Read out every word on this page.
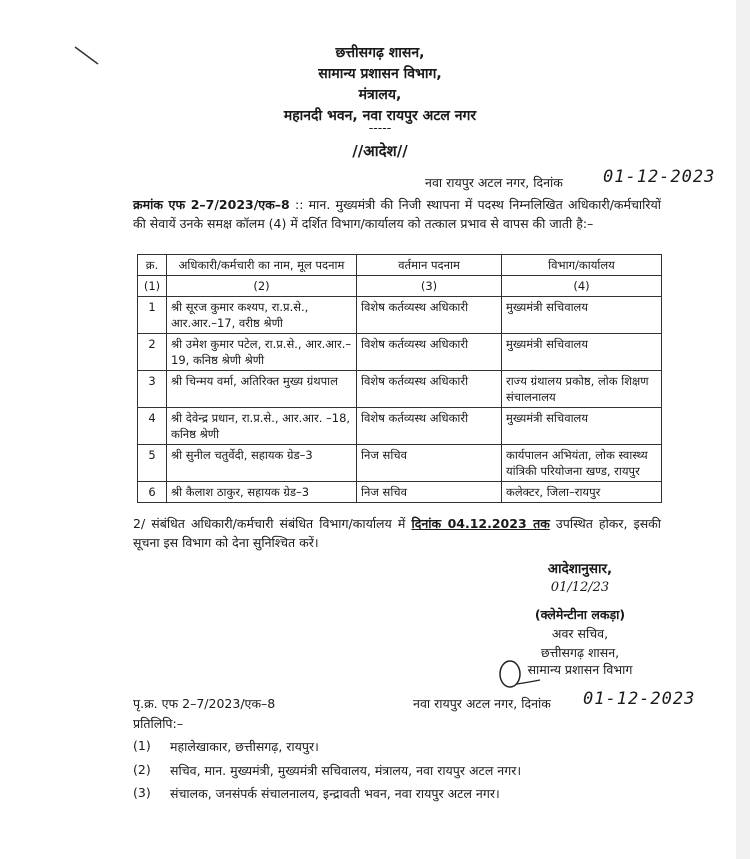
छत्तीसगढ़ शासन,
सामान्य प्रशासन विभाग,
मंत्रालय,
महानदी भवन, नवा रायपुर अटल नगर
-----
//आदेश//
नवा रायपुर अटल नगर, दिनांक 01-12-2023
क्रमांक एफ 2–7/2023/एक–8 :: मान. मुख्यमंत्री की निजी स्थापना में पदस्थ निम्नलिखित अधिकारी/कर्मचारियों की सेवायें उनके समक्ष कॉलम (4) में दर्शित विभाग/कार्यालय को तत्काल प्रभाव से वापस की जाती है:–
क्र.	अधिकारी/कर्मचारी का नाम, मूल पदनाम	वर्तमान पदनाम	विभाग/कार्यालय
(1)	(2)	(3)	(4)
1	श्री सूरज कुमार कश्यप, रा.प्र.से., आर.आर.–17, वरीष्ठ श्रेणी	विशेष कर्तव्यस्थ अधिकारी	मुख्यमंत्री सचिवालय
2	श्री उमेश कुमार पटेल, रा.प्र.से., आर.आर.–19, कनिष्ठ श्रेणी श्रेणी	विशेष कर्तव्यस्थ अधिकारी	मुख्यमंत्री सचिवालय
3	श्री चिन्मय वर्मा, अतिरिक्त मुख्य ग्रंथपाल	विशेष कर्तव्यस्थ अधिकारी	राज्य ग्रंथालय प्रकोष्ठ, लोक शिक्षण संचालनालय
4	श्री देवेन्द्र प्रधान, रा.प्र.से., आर.आर. –18, कनिष्ठ श्रेणी	विशेष कर्तव्यस्थ अधिकारी	मुख्यमंत्री सचिवालय
5	श्री सुनील चतुर्वेदी, सहायक ग्रेड–3	निज सचिव	कार्यपालन अभियंता, लोक स्वास्थ्य यांत्रिकी परियोजना खण्ड, रायपुर
6	श्री कैलाश ठाकुर, सहायक ग्रेड–3	निज सचिव	कलेक्टर, जिला–रायपुर
2/ संबंधित अधिकारी/कर्मचारी संबंधित विभाग/कार्यालय में दिनांक 04.12.2023 तक उपस्थित होकर, इसकी सूचना इस विभाग को देना सुनिश्चित करें।
आदेशानुसार,
01/12/23
(क्लेमेन्टीना लकड़ा)
अवर सचिव,
छत्तीसगढ़ शासन,
सामान्य प्रशासन विभाग
पृ.क्र. एफ 2–7/2023/एक–8	नवा रायपुर अटल नगर, दिनांक 01-12-2023
प्रतिलिपि:–
(1) महालेखाकार, छत्तीसगढ़, रायपुर।
(2) सचिव, मान. मुख्यमंत्री, मुख्यमंत्री सचिवालय, मंत्रालय, नवा रायपुर अटल नगर।
(3) संचालक, जनसंपर्क संचालनालय, इन्द्रावती भवन, नवा रायपुर अटल नगर।
